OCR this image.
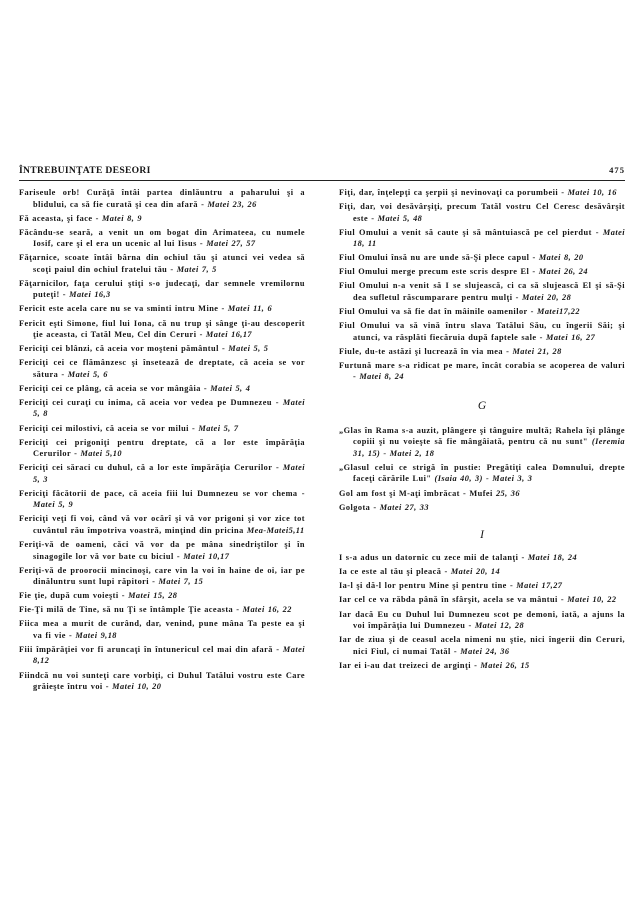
ÎNTREBUINŢATE DESEORI	475

Fariseule orb! Curăţă întâi partea dinlăuntru a paharului şi a blidului, ca să fie curată şi cea din afară - Matei 23, 26

Fă aceasta, şi face - Matei 8, 9

Făcându-se seară, a venit un om bogat din Arimateea, cu numele Iosif, care şi el era un ucenic al lui Iisus - Matei 27, 57

Făţarnice, scoate întâi bârna din ochiul tău şi atunci vei vedea să scoţi paiul din ochiul fratelui tău - Matei 7, 5

Făţarnicilor, faţa cerului ştiţi s-o judecaţi, dar semnele vremilornu puteţi! - Matei 16,3

Fericit este acela care nu se va sminti intru Mine - Matei 11, 6

Fericit eşti Simone, fiul lui Iona, că nu trup şi sânge ţi-au descoperit ţie aceasta, ci Tatăl Meu, Cel din Ceruri - Matei 16,17

Fericiţi cei blânzi, că aceia vor moşteni pământul - Matei 5, 5

Fericiţi cei ce flămânzesc şi însetează de dreptate, că aceia se vor sătura - Matei 5, 6

Fericiţi cei ce plâng, că aceia se vor mângâia - Matei 5, 4

Fericiţi cei curaţi cu inima, că aceia vor vedea pe Dumnezeu - Matei 5, 8

Fericiţi cei milostivi, că aceia se vor milui - Matei 5, 7

Fericiţi cei prigoniţi pentru dreptate, că a lor este împărăţia Cerurilor - Matei 5,10

Fericiţi cei săraci cu duhul, că a lor este împărăţia Cerurilor - Matei 5, 3

Fericiţi făcătorii de pace, că aceia fiii lui Dumnezeu se vor chema - Matei 5, 9

Fericiţi veţi fi voi, când vă vor ocărî şi vă vor prigoni şi vor zice tot cuvântul rău împotriva voastră, minţind din pricina Mea-Matei5,11

Feriţi-vă de oameni, căci vă vor da pe mâna sinedriştilor şi în sinagogile lor vă vor bate cu biciul - Matei 10,17

Feriţi-vă de proorocii mincinoşi, care vin la voi în haine de oi, iar pe dinăluntru sunt lupi răpitori - Matei 7, 15

Fie ţie, după cum voieşti - Matei 15, 28

Fie-Ţi milă de Tine, să nu Ţi se întâmple Ţie aceasta - Matei 16, 22

Fiica mea a murit de curând, dar, venind, pune mâna Ta peste ea şi va fi vie - Matei 9,18

Fiii împărăţiei vor fi aruncaţi în întunericul cel mai din afară - Matei 8,12

Fiindcă nu voi sunteţi care vorbiţi, ci Duhul Tatălui vostru este Care grăieşte întru voi - Matei 10, 20

Fiţi, dar, înţelepţi ca şerpii şi nevinovaţi ca porumbeii - Matei 10, 16

Fiţi, dar, voi desăvârşiţi, precum Tatăl vostru Cel Ceresc desăvârşit este - Matei 5, 48

Fiul Omului a venit să caute şi să mântuiască pe cel pierdut - Matei 18, 11

Fiul Omului însă nu are unde să-Şi plece capul - Matei 8, 20

Fiul Omului merge precum este scris despre El - Matei 26, 24

Fiul Omului n-a venit să I se slujească, ci ca să slujească El şi să-Şi dea sufletul răscumparare pentru mulţi - Matei 20, 28

Fiul Omului va să fie dat în mâinile oamenilor - Matei17,22

Fiul Omului va să vină întru slava Tatălui Său, cu îngerii Săi; şi atunci, va răsplăti fiecăruia după faptele sale - Matei 16, 27

Fiule, du-te astăzi şi lucrează în via mea - Matei 21, 28

Furtună mare s-a ridicat pe mare, încât corabia se acoperea de valuri - Matei 8, 24

G

„Glas în Rama s-a auzit, plângere şi tânguire multă; Rahela îşi plânge copiii şi nu voieşte să fie mângâiată, pentru că nu sunt" (Ieremia 31, 15) - Matei 2, 18

„Glasul celui ce strigă în pustie: Pregătiţi calea Domnului, drepte faceţi cărările Lui" (Isaia 40, 3) - Matei 3, 3

Gol am fost şi M-aţi îmbrăcat - Mufei 25, 36

Golgota - Matei 27, 33

I

I s-a adus un datornic cu zece mii de talanţi - Matei 18, 24

Ia ce este al tău şi pleacă - Matei 20, 14

Ia-l şi dă-l lor pentru Mine şi pentru tine - Matei 17,27

Iar cel ce va răbda până în sfârşit, acela se va mântui - Matei 10, 22

Iar dacă Eu cu Duhul lui Dumnezeu scot pe demoni, iată, a ajuns la voi împărăţia lui Dumnezeu - Matei 12, 28

Iar de ziua şi de ceasul acela nimeni nu ştie, nici îngerii din Ceruri, nici Fiul, ci numai Tatăl - Matei 24, 36

Iar ei i-au dat treizeci de arginţi - Matei 26, 15
